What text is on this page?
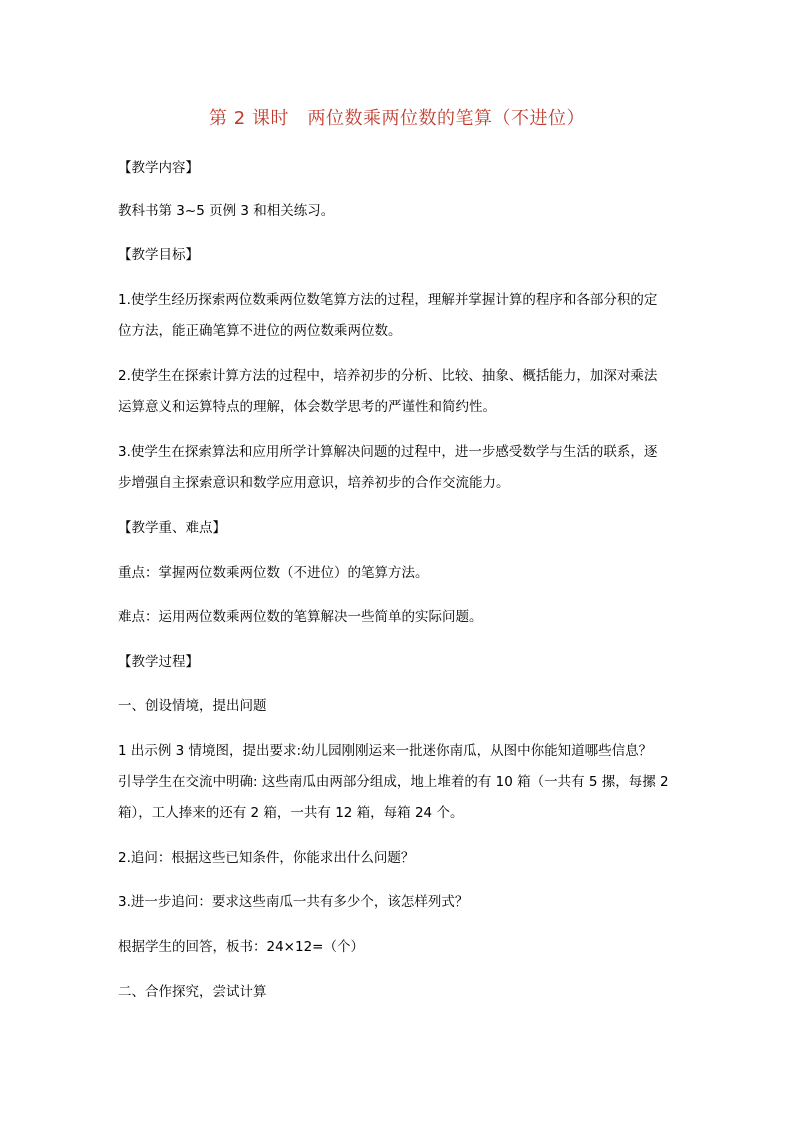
第 2 课时　两位数乘两位数的笔算（不进位）
【教学内容】
教科书第 3~5 页例 3 和相关练习。
【教学目标】
1.使学生经历探索两位数乘两位数笔算方法的过程，理解并掌握计算的程序和各部分积的定
位方法，能正确笔算不进位的两位数乘两位数。
2.使学生在探索计算方法的过程中，培养初步的分析、比较、抽象、概括能力，加深对乘法
运算意义和运算特点的理解，体会数学思考的严谨性和简约性。
3.使学生在探索算法和应用所学计算解决问题的过程中，进一步感受数学与生活的联系，逐
步增强自主探索意识和数学应用意识，培养初步的合作交流能力。
【教学重、难点】
重点：掌握两位数乘两位数（不进位）的笔算方法。
难点：运用两位数乘两位数的笔算解决一些简单的实际问题。
【教学过程】
一、创设情境，提出问题
1 出示例 3 情境图，提出要求:幼儿园刚刚运来一批迷你南瓜，从图中你能知道哪些信息？
引导学生在交流中明确: 这些南瓜由两部分组成，地上堆着的有 10 箱（一共有 5 摞，每摞 2
箱），工人捧来的还有 2 箱，一共有 12 箱，每箱 24 个。
2.追问：根据这些已知条件，你能求出什么问题？
3.进一步追问：要求这些南瓜一共有多少个，该怎样列式？
根据学生的回答，板书：24×12=（个）
二、合作探究，尝试计算
